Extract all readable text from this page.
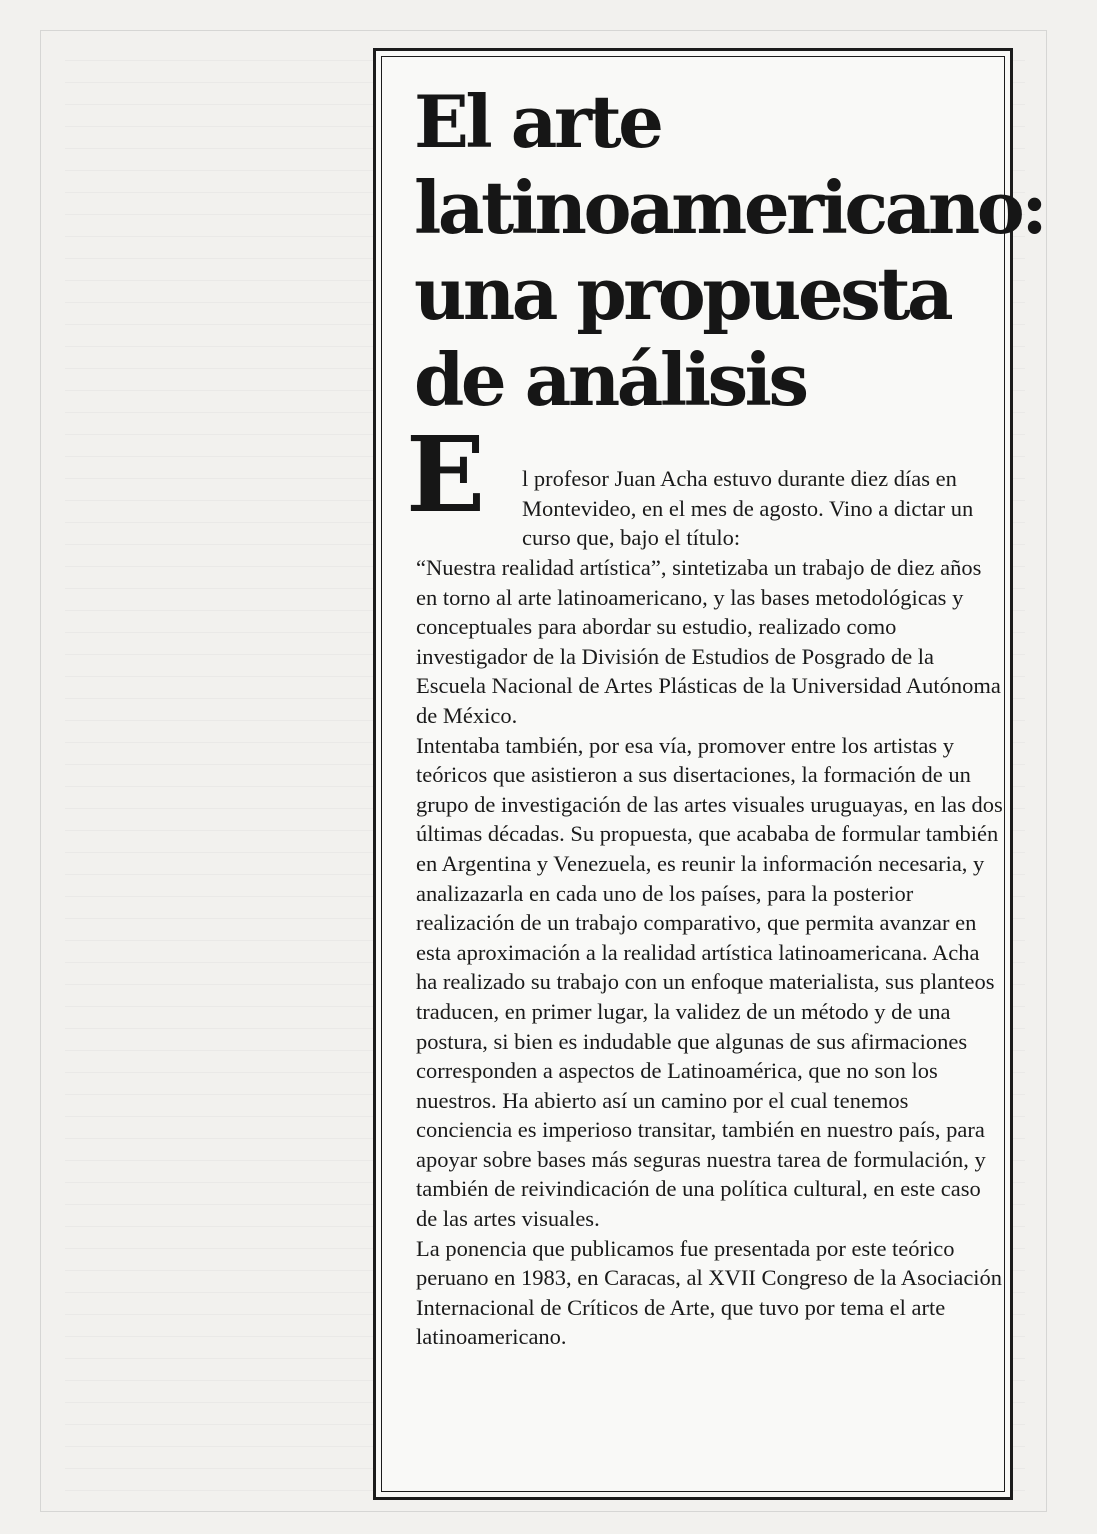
El arte
latinoamericano:
una propuesta
de análisis
E l profesor Juan Acha estuvo durante diez días en Montevideo, en el mes de agosto. Vino a dictar un curso que, bajo el título:

“Nuestra realidad artística”, sintetizaba un trabajo de diez años en torno al arte latinoamericano, y las bases metodológicas y conceptuales para abordar su estudio, realizado como investigador de la División de Estudios de Posgrado de la Escuela Nacional de Artes Plásticas de la Universidad Autónoma de México.

Intentaba también, por esa vía, promover entre los artistas y teóricos que asistieron a sus disertaciones, la formación de un grupo de investigación de las artes visuales uruguayas, en las dos últimas décadas. Su propuesta, que acababa de formular también en Argentina y Venezuela, es reunir la información necesaria, y analizazarla en cada uno de los países, para la posterior realización de un trabajo comparativo, que permita avanzar en esta aproximación a la realidad artística latinoamericana. Acha ha realizado su trabajo con un enfoque materialista, sus planteos traducen, en primer lugar, la validez de un método y de una postura, si bien es indudable que algunas de sus afirmaciones corresponden a aspectos de Latinoamérica, que no son los nuestros. Ha abierto así un camino por el cual tenemos conciencia es imperioso transitar, también en nuestro país, para apoyar sobre bases más seguras nuestra tarea de formulación, y también de reivindicación de una política cultural, en este caso de las artes visuales.

La ponencia que publicamos fue presentada por este teórico peruano en 1983, en Caracas, al XVII Congreso de la Asociación Internacional de Críticos de Arte, que tuvo por tema el arte latinoamericano.
